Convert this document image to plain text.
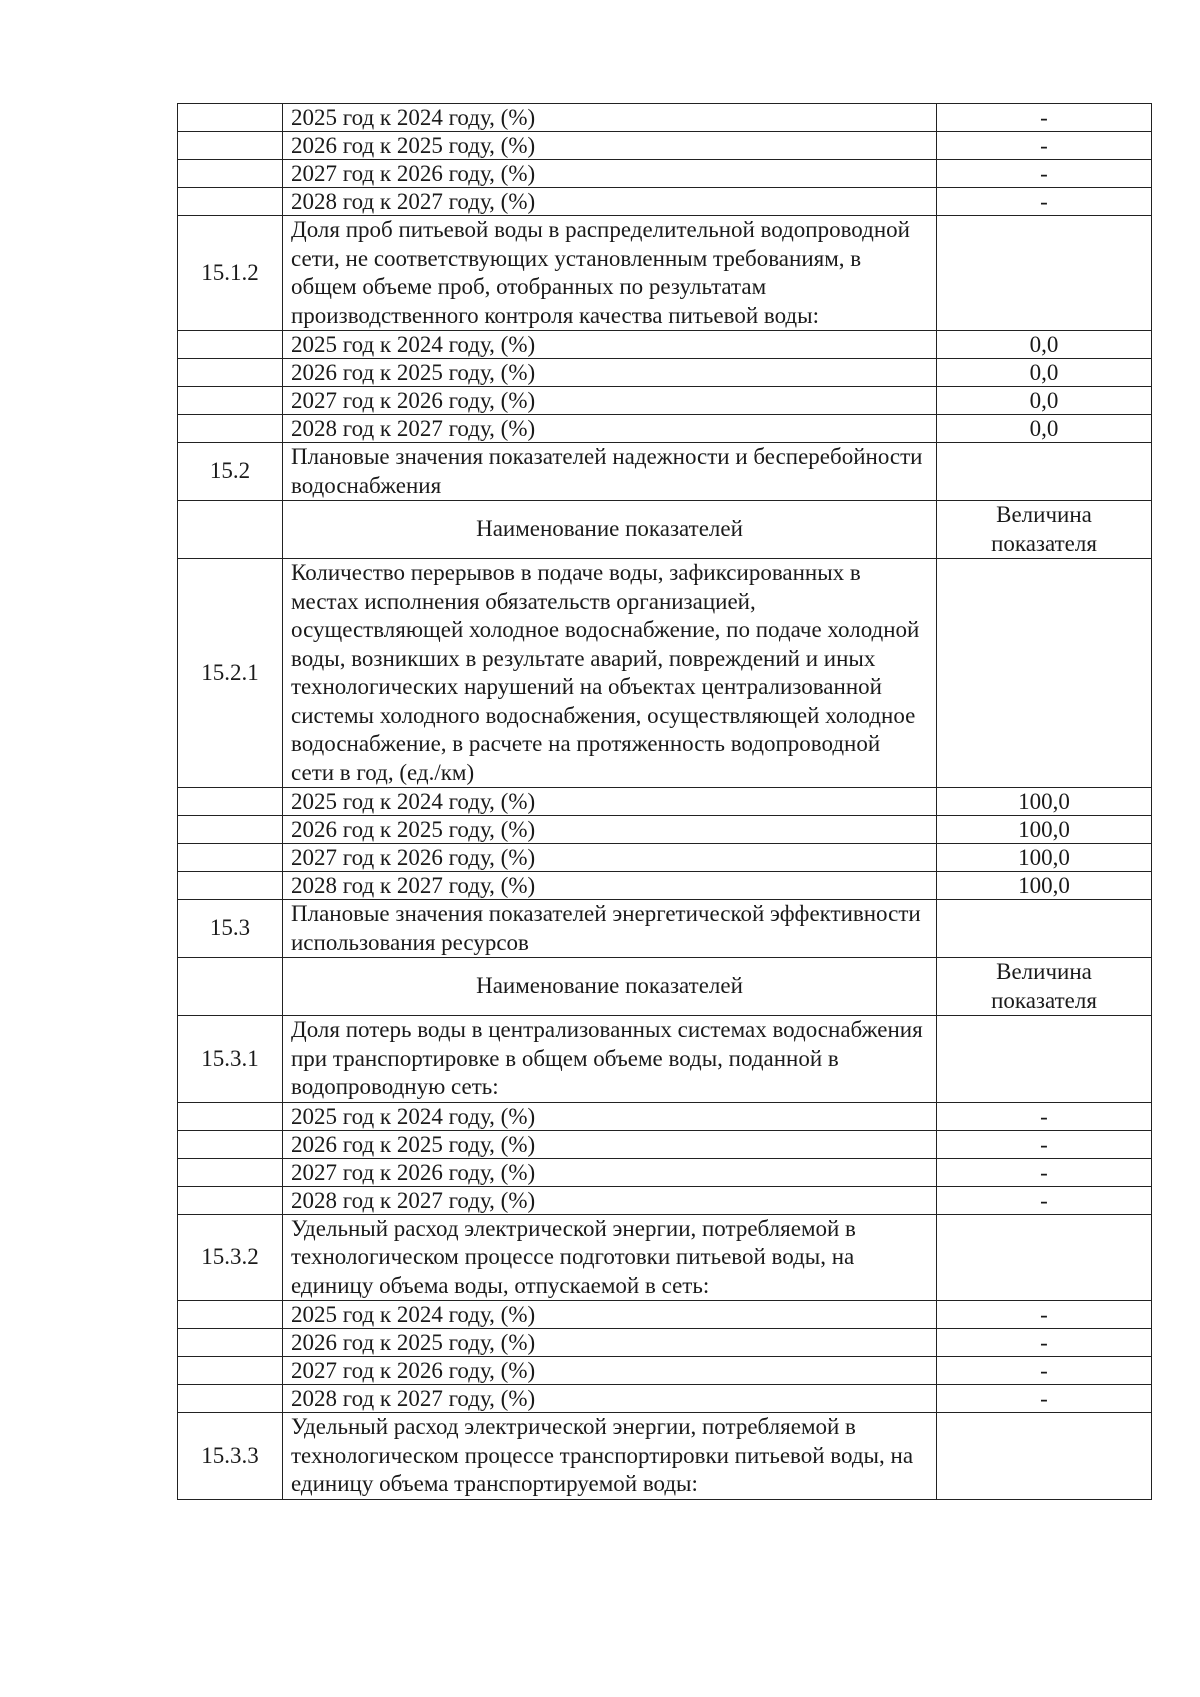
	2025 год к 2024 году, (%)	-
	2026 год к 2025 году, (%)	-
	2027 год к 2026 году, (%)	-
	2028 год к 2027 году, (%)	-
15.1.2	Доля проб питьевой воды в распределительной водопроводной сети, не соответствующих установленным требованиям, в общем объеме проб, отобранных по результатам производственного контроля качества питьевой воды:	
	2025 год к 2024 году, (%)	0,0
	2026 год к 2025 году, (%)	0,0
	2027 год к 2026 году, (%)	0,0
	2028 год к 2027 году, (%)	0,0
15.2	Плановые значения показателей надежности и бесперебойности водоснабжения	
	Наименование показателей	Величина показателя
15.2.1	Количество перерывов в подаче воды, зафиксированных в местах исполнения обязательств организацией, осуществляющей холодное водоснабжение, по подаче холодной воды, возникших в результате аварий, повреждений и иных технологических нарушений на объектах централизованной системы холодного водоснабжения, осуществляющей холодное водоснабжение, в расчете на протяженность водопроводной сети в год, (ед./км)	
	2025 год к 2024 году, (%)	100,0
	2026 год к 2025 году, (%)	100,0
	2027 год к 2026 году, (%)	100,0
	2028 год к 2027 году, (%)	100,0
15.3	Плановые значения показателей энергетической эффективности использования ресурсов	
	Наименование показателей	Величина показателя
15.3.1	Доля потерь воды в централизованных системах водоснабжения при транспортировке в общем объеме воды, поданной в водопроводную сеть:	
	2025 год к 2024 году, (%)	-
	2026 год к 2025 году, (%)	-
	2027 год к 2026 году, (%)	-
	2028 год к 2027 году, (%)	-
15.3.2	Удельный расход электрической энергии, потребляемой в технологическом процессе подготовки питьевой воды, на единицу объема воды, отпускаемой в сеть:	
	2025 год к 2024 году, (%)	-
	2026 год к 2025 году, (%)	-
	2027 год к 2026 году, (%)	-
	2028 год к 2027 году, (%)	-
15.3.3	Удельный расход электрической энергии, потребляемой в технологическом процессе транспортировки питьевой воды, на единицу объема транспортируемой воды:	
